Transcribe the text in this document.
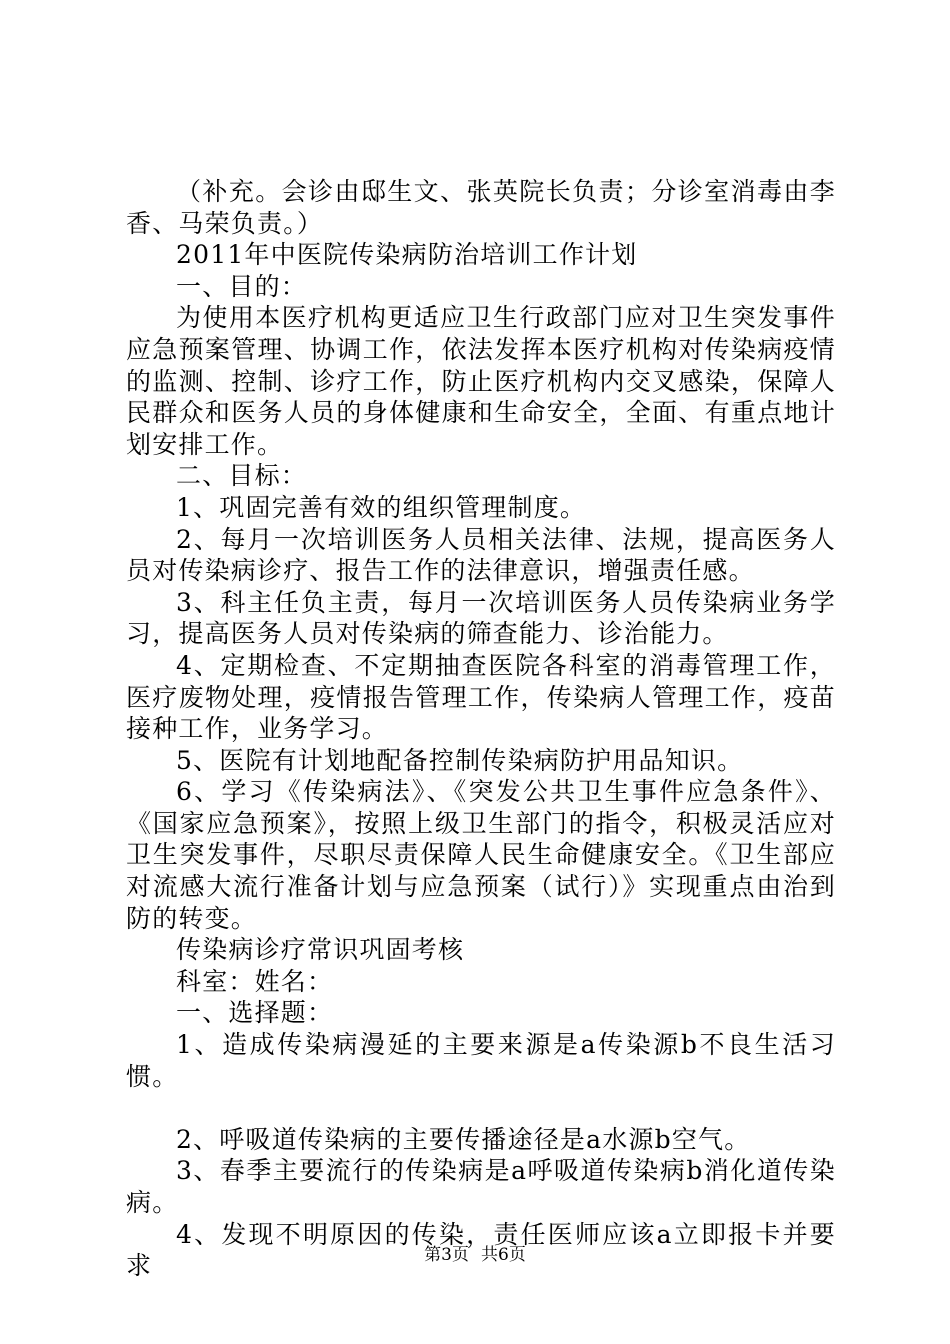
（补充。会诊由邸生文、张英院长负责；分诊室消毒由李香、马荣负责。）

2011年中医院传染病防治培训工作计划

一、目的：

为使用本医疗机构更适应卫生行政部门应对卫生突发事件应急预案管理、协调工作，依法发挥本医疗机构对传染病疫情的监测、控制、诊疗工作，防止医疗机构内交叉感染，保障人民群众和医务人员的身体健康和生命安全，全面、有重点地计划安排工作。

二、目标：

1、巩固完善有效的组织管理制度。

2、每月一次培训医务人员相关法律、法规，提高医务人员对传染病诊疗、报告工作的法律意识，增强责任感。

3、科主任负主责，每月一次培训医务人员传染病业务学习，提高医务人员对传染病的筛查能力、诊治能力。

4、定期检查、不定期抽查医院各科室的消毒管理工作，医疗废物处理，疫情报告管理工作，传染病人管理工作，疫苗接种工作，业务学习。

5、医院有计划地配备控制传染病防护用品知识。

6、学习《传染病法》、《突发公共卫生事件应急条件》、《国家应急预案》，按照上级卫生部门的指令，积极灵活应对卫生突发事件，尽职尽责保障人民生命健康安全。《卫生部应对流感大流行准备计划与应急预案（试行）》实现重点由治到防的转变。

传染病诊疗常识巩固考核

科室：姓名：

一、选择题：

1、造成传染病漫延的主要来源是a传染源b不良生活习惯。

2、呼吸道传染病的主要传播途径是a水源b空气。

3、春季主要流行的传染病是a呼吸道传染病b消化道传染病。

4、发现不明原因的传染，责任医师应该a立即报卡并要求	第3页 共6页
